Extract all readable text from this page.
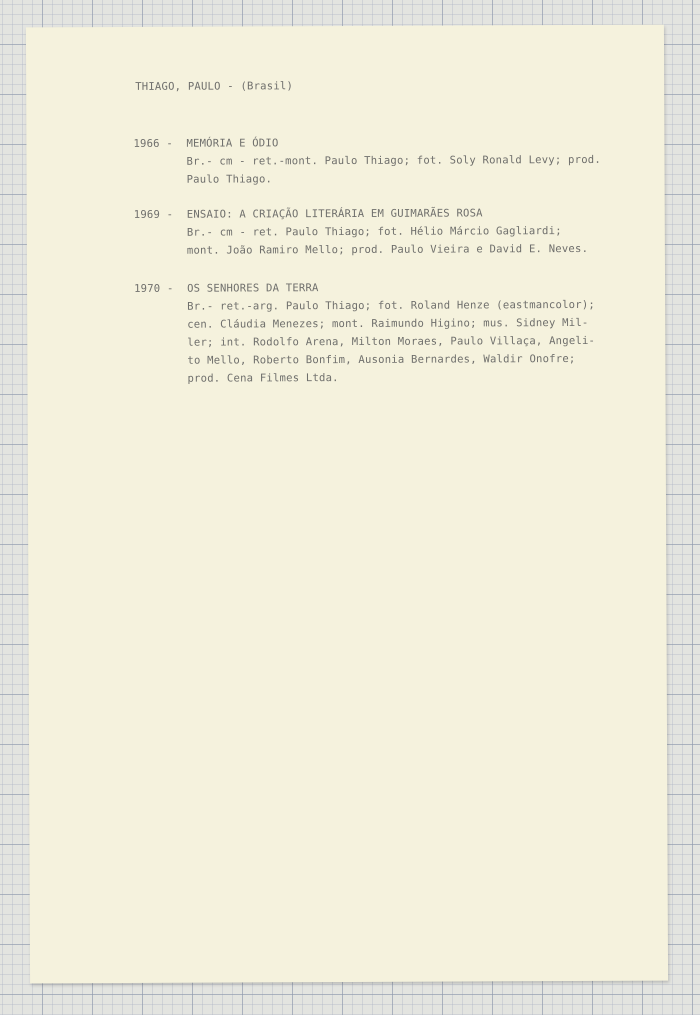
THIAGO, PAULO - (Brasil)
1966 - MEMÓRIA E ÓDIO
Br.- cm - ret.-mont. Paulo Thiago; fot. Soly Ronald Levy; prod.
Paulo Thiago.
1969 - ENSAIO: A CRIAÇÃO LITERÁRIA EM GUIMARÃES ROSA
Br.- cm - ret. Paulo Thiago; fot. Hélio Márcio Gagliardi;
mont. João Ramiro Mello; prod. Paulo Vieira e David E. Neves.
1970 - OS SENHORES DA TERRA
Br.- ret.-arg. Paulo Thiago; fot. Roland Henze (eastmancolor);
cen. Cláudia Menezes; mont. Raimundo Higino; mus. Sidney Mil-
ler; int. Rodolfo Arena, Milton Moraes, Paulo Villaça, Angeli-
to Mello, Roberto Bonfim, Ausonia Bernardes, Waldir Onofre;
prod. Cena Filmes Ltda.
